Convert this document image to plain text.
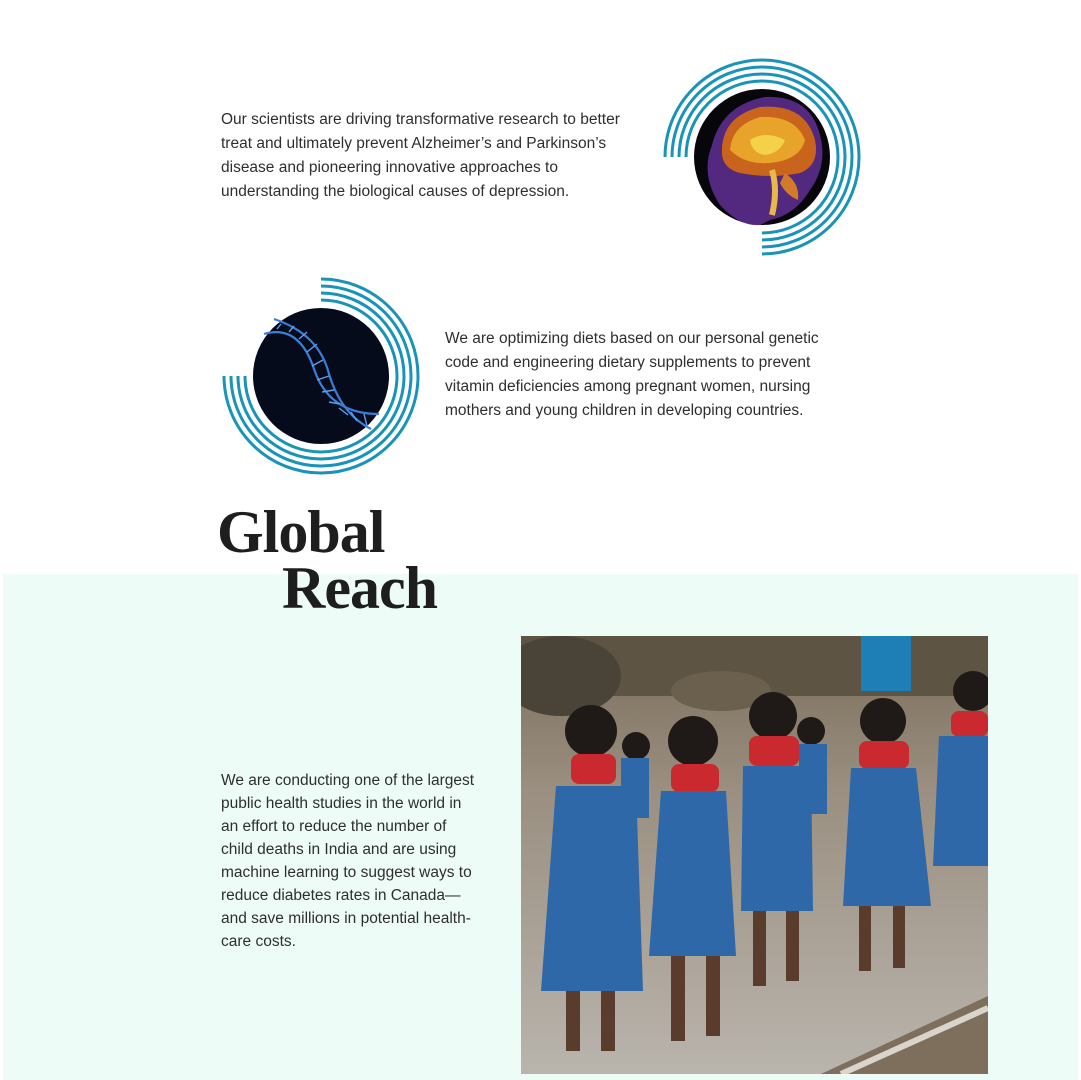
Our scientists are driving transformative research to better treat and ultimately prevent Alzheimer’s and Parkinson’s disease and pioneering innovative approaches to understanding the biological causes of depression.

We are optimizing diets based on our personal genetic code and engineering dietary supplements to prevent vitamin deficiencies among pregnant women, nursing mothers and young children in developing countries.

Global
Reach

We are conducting one of the largest public health studies in the world in an effort to reduce the number of child deaths in India and are using machine learning to suggest ways to reduce diabetes rates in Canada—and save millions in potential health-care costs.
